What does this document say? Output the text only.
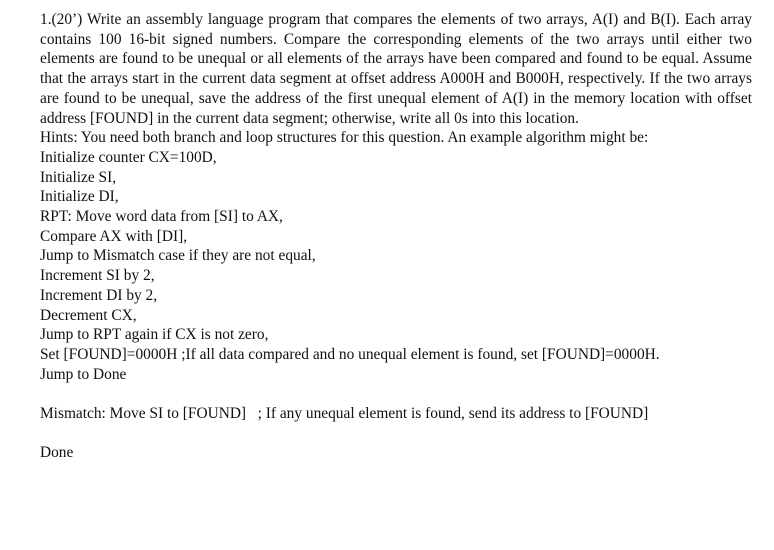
1.(20’) Write an assembly language program that compares the elements of two arrays, A(I) and B(I). Each array contains 100 16-bit signed numbers. Compare the corresponding elements of the two arrays until either two elements are found to be unequal or all elements of the arrays have been compared and found to be equal. Assume that the arrays start in the current data segment at offset address A000H and B000H, respectively. If the two arrays are found to be unequal, save the address of the first unequal element of A(I) in the memory location with offset address [FOUND] in the current data segment; otherwise, write all 0s into this location.

Hints: You need both branch and loop structures for this question. An example algorithm might be:

Initialize counter CX=100D,

Initialize SI,

Initialize DI,

RPT: Move word data from [SI] to AX,

Compare AX with [DI],

Jump to Mismatch case if they are not equal,

Increment SI by 2,

Increment DI by 2,

Decrement CX,

Jump to RPT again if CX is not zero,

Set [FOUND]=0000H ;If all data compared and no unequal element is found, set [FOUND]=0000H.

Jump to Done

Mismatch: Move SI to [FOUND]   ; If any unequal element is found, send its address to [FOUND]

Done
